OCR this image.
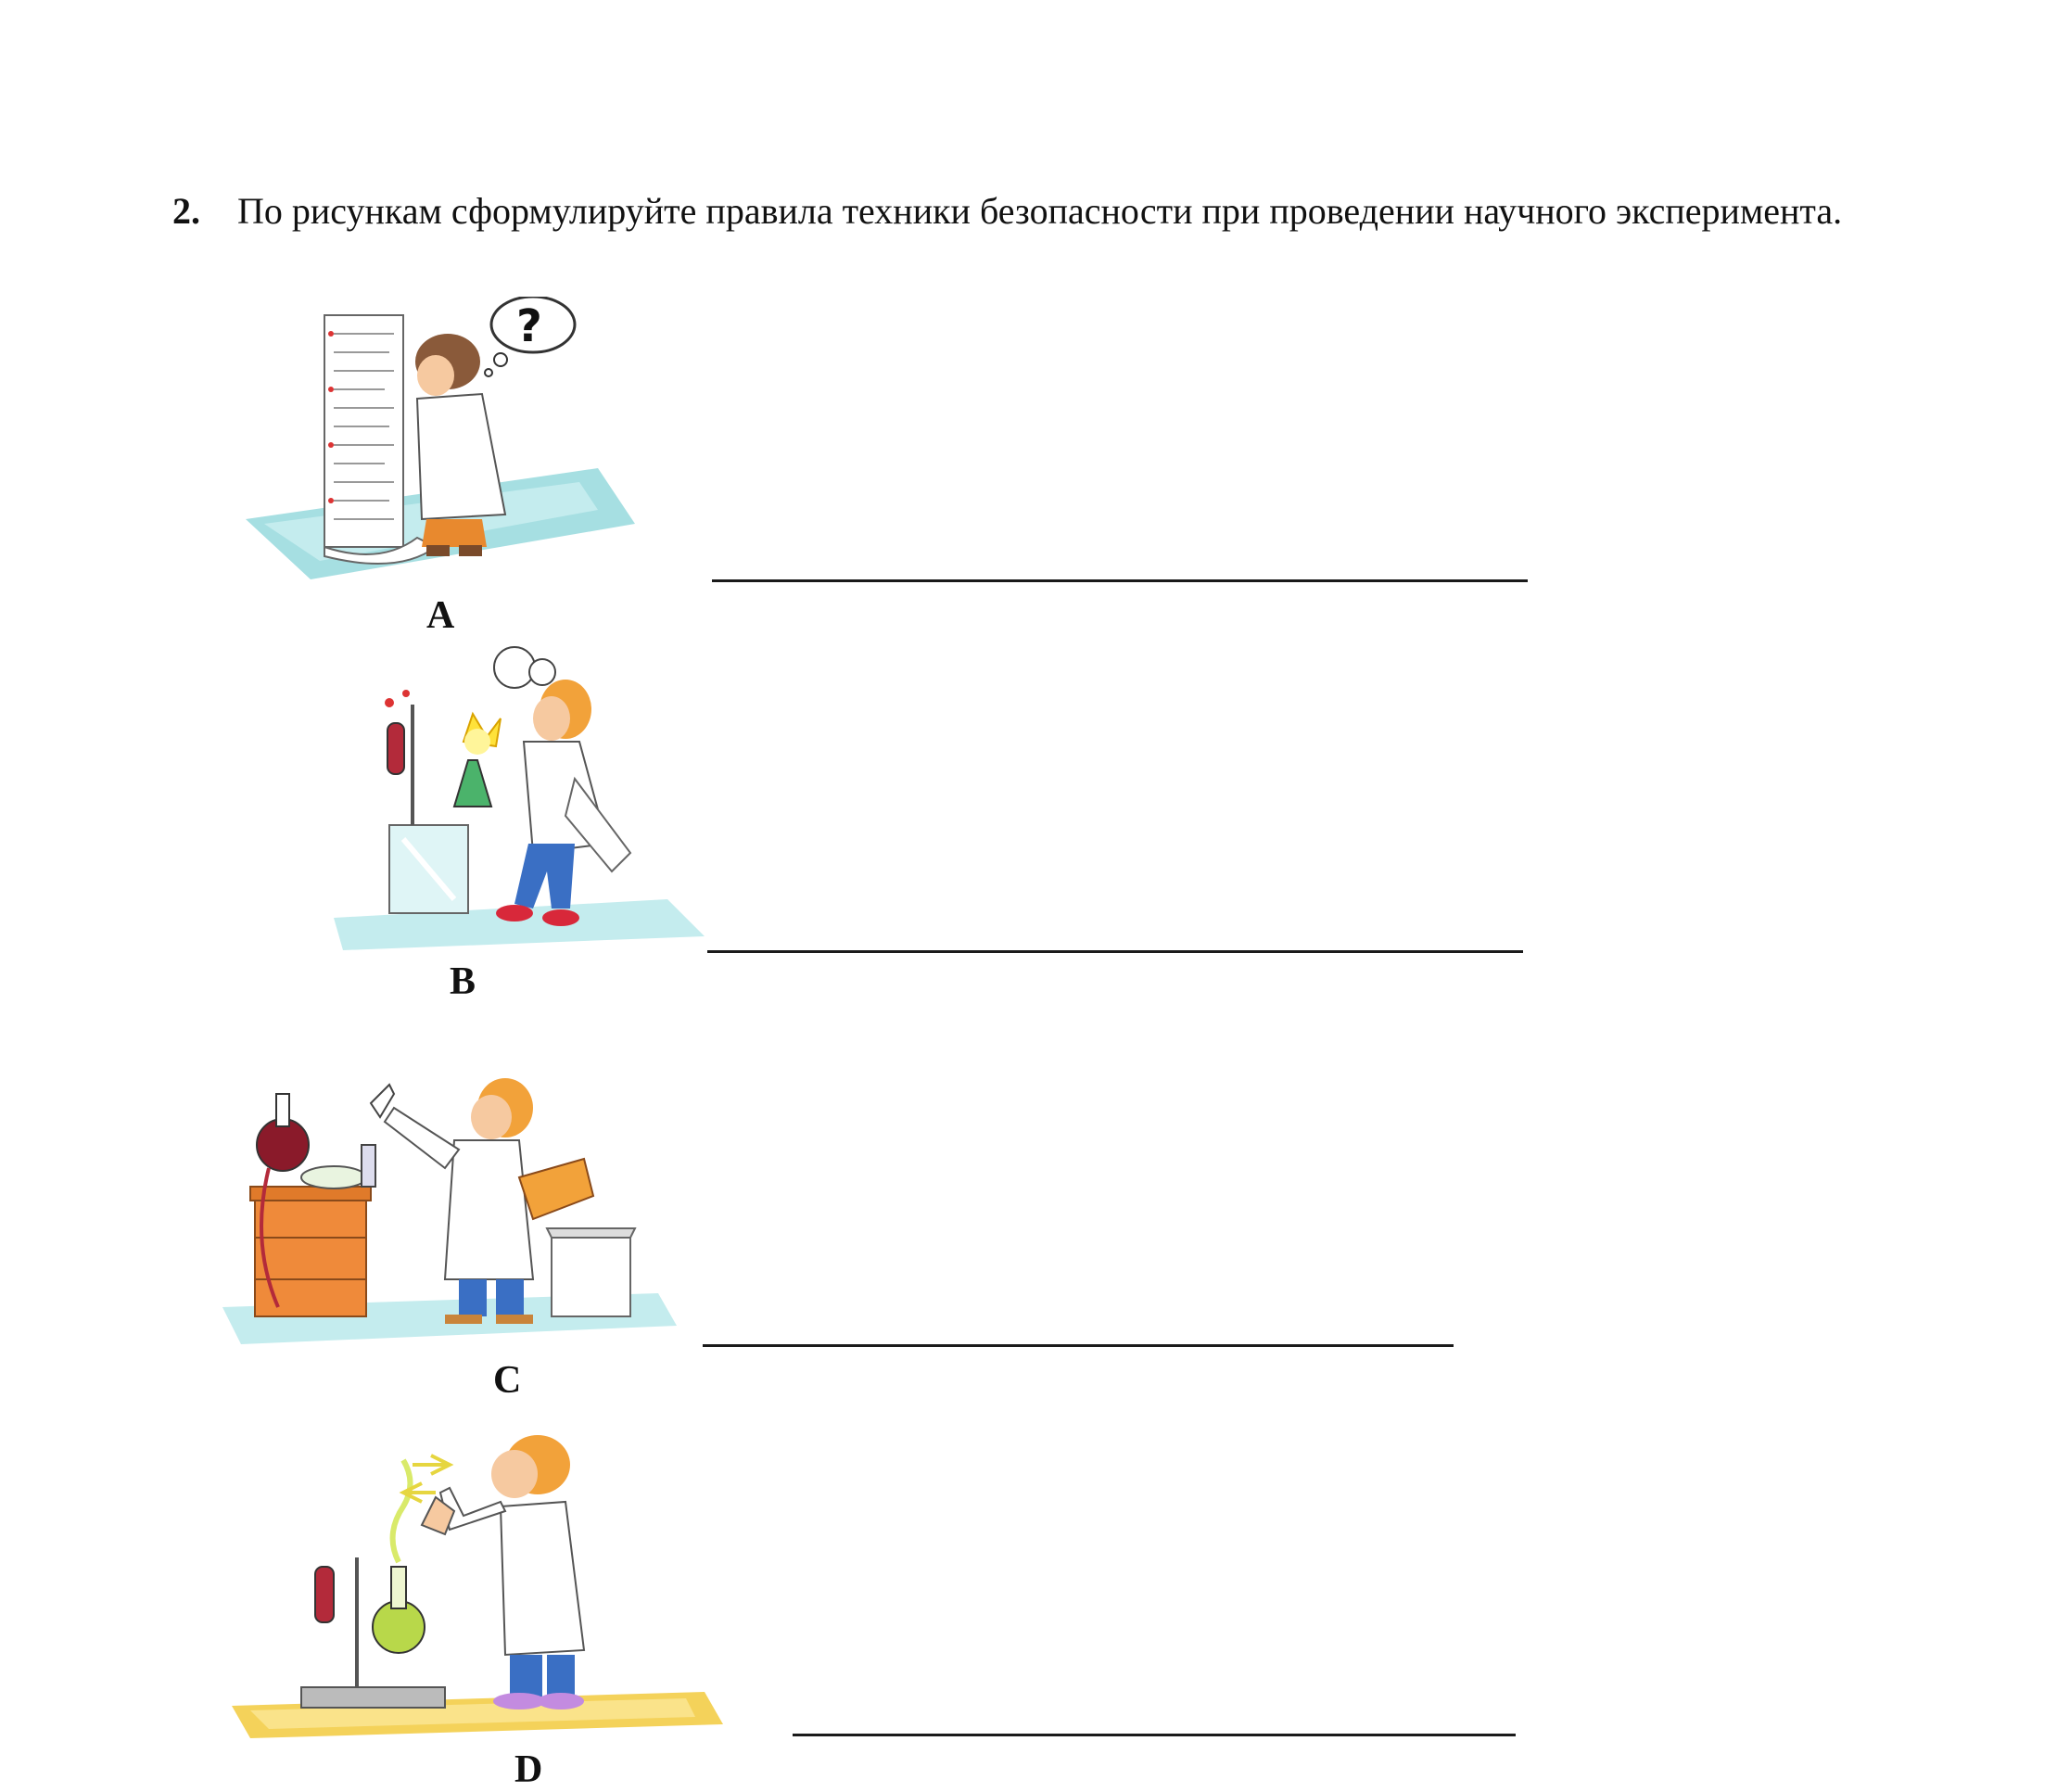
2. По рисункам сформулируйте правила техники безопасности при проведении научного эксперимента.
?
A
B
C
D
